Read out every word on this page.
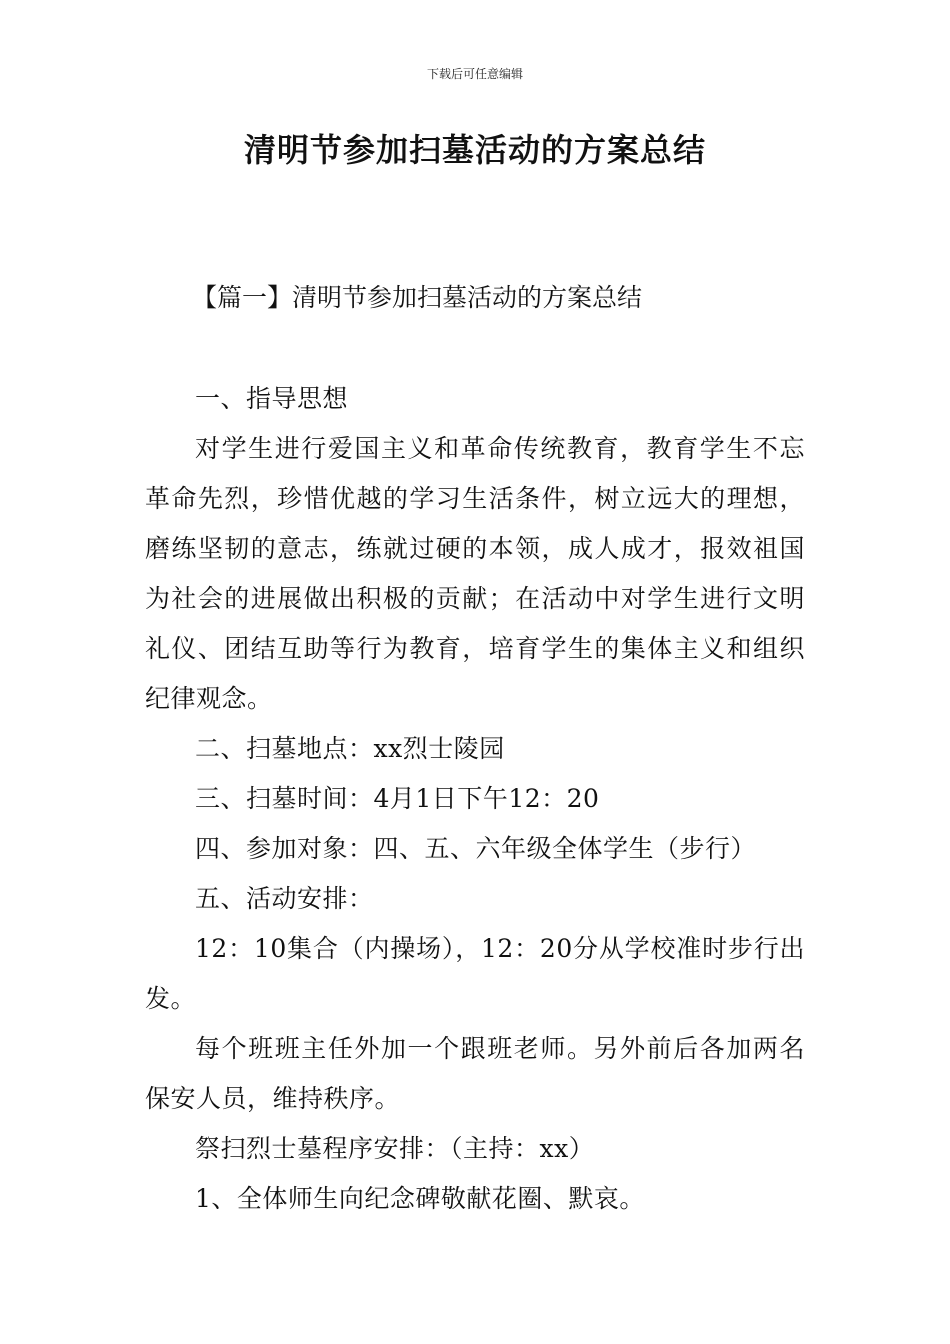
下载后可任意编辑
清明节参加扫墓活动的方案总结
【篇一】清明节参加扫墓活动的方案总结

一、指导思想

对学生进行爱国主义和革命传统教育，教育学生不忘革命先烈，珍惜优越的学习生活条件，树立远大的理想，磨练坚韧的意志，练就过硬的本领，成人成才，报效祖国为社会的进展做出积极的贡献；在活动中对学生进行文明礼仪、团结互助等行为教育，培育学生的集体主义和组织纪律观念。

二、扫墓地点：xx烈士陵园

三、扫墓时间：4月1日下午12：20

四、参加对象：四、五、六年级全体学生（步行）

五、活动安排：

12：10集合（内操场），12：20分从学校准时步行出发。

每个班班主任外加一个跟班老师。另外前后各加两名保安人员，维持秩序。

祭扫烈士墓程序安排：（主持：xx）

1、全体师生向纪念碑敬献花圈、默哀。
